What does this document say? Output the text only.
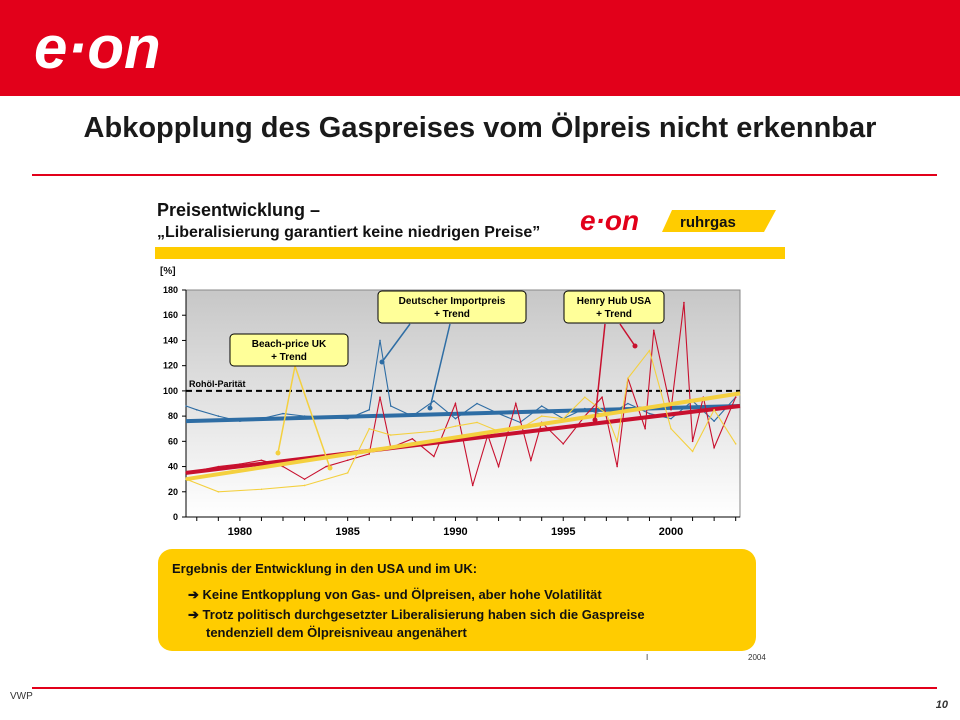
e·on
Abkopplung des Gaspreises vom Ölpreis nicht erkennbar
Preisentwicklung –
„Liberalisierung garantiert keine niedrigen Preise” e·on	ruhrgas
[%]
0
20
40
60
80
100
120
140
160
180
1980	1985	1990	1995	2000
Rohöl-Parität
Beach-price UK
+ Trend
Deutscher Importpreis
+ Trend
Henry Hub USA
+ Trend
Ergebnis der Entwicklung in den USA und im UK:
➔ Keine Entkopplung von Gas- und Ölpreisen, aber hohe Volatilität
➔ Trotz politisch durchgesetzter Liberalisierung haben sich die Gaspreise
tendenziell dem Ölpreisniveau angenähert
I	2004
VWP
10
